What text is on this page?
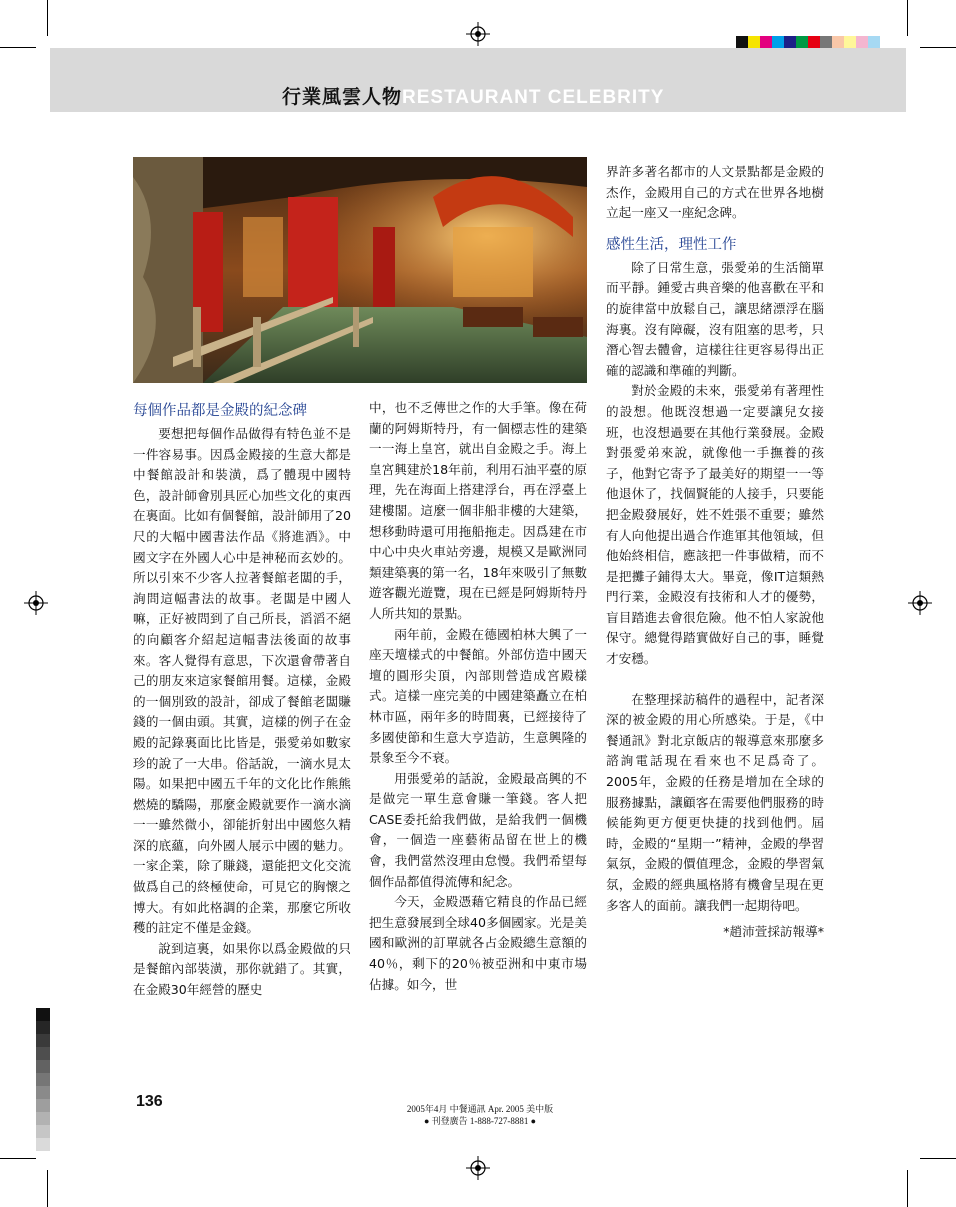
行業風雲人物RESTAURANT CELEBRITY
每個作品都是金殿的紀念碑

要想把每個作品做得有特色並不是一件容易事。因爲金殿接的生意大都是中餐館設計和裝潢，爲了體現中國特色，設計師會別具匠心加些文化的東西在裏面。比如有個餐館，設計師用了20尺的大幅中國書法作品《將進酒》。中國文字在外國人心中是神秘而玄妙的。所以引來不少客人拉著餐館老闆的手，詢問這幅書法的故事。老闆是中國人嘛，正好被問到了自己所長，滔滔不絕的向顧客介紹起這幅書法後面的故事來。客人覺得有意思，下次還會帶著自己的朋友來這家餐館用餐。這樣，金殿的一個別致的設計，卻成了餐館老闆賺錢的一個由頭。其實，這樣的例子在金殿的記錄裏面比比皆是，張愛弟如數家珍的說了一大串。俗話說，一滴水見太陽。如果把中國五千年的文化比作熊熊燃燒的驕陽，那麼金殿就要作一滴水滴一一雖然微小，卻能折射出中國悠久精深的底蘊，向外國人展示中國的魅力。一家企業，除了賺錢，還能把文化交流做爲自己的終極使命，可見它的胸懷之博大。有如此格調的企業，那麼它所收穫的註定不僅是金錢。

說到這裏，如果你以爲金殿做的只是餐館內部裝潢，那你就錯了。其實，在金殿30年經營的歷史

中，也不乏傳世之作的大手筆。像在荷蘭的阿姆斯特丹，有一個標志性的建築一一海上皇宮，就出自金殿之手。海上皇宮興建於18年前，利用石油平臺的原理，先在海面上搭建浮台，再在浮臺上建樓閣。這麼一個非船非樓的大建築，想移動時還可用拖船拖走。因爲建在市中心中央火車站旁邊，規模又是歐洲同類建築裏的第一名，18年來吸引了無數遊客觀光遊覽，現在已經是阿姆斯特丹人所共知的景點。

兩年前，金殿在德國柏林大興了一座天壇樣式的中餐館。外部仿造中國天壇的圓形尖頂，內部則營造成宮殿樣式。這樣一座完美的中國建築矗立在柏林市區，兩年多的時間裏，已經接待了多國使節和生意大亨造訪，生意興隆的景象至今不衰。

用張愛弟的話說，金殿最高興的不是做完一單生意會賺一筆錢。客人把CASE委托給我們做，是給我們一個機會，一個造一座藝術品留在世上的機會，我們當然沒理由怠慢。我們希望每個作品都值得流傳和紀念。

今天，金殿憑藉它精良的作品已經把生意發展到全球40多個國家。光是美國和歐洲的訂單就各占金殿總生意額的40％，剩下的20％被亞洲和中東市場佔據。如今，世

界許多著名都市的人文景點都是金殿的杰作，金殿用自己的方式在世界各地樹立起一座又一座紀念碑。

感性生活，理性工作

除了日常生意，張愛弟的生活簡單而平靜。鍾愛古典音樂的他喜歡在平和的旋律當中放鬆自己，讓思緒漂浮在腦海裏。沒有障礙，沒有阻塞的思考，只潛心智去體會，這樣往往更容易得出正確的認識和準確的判斷。

對於金殿的未來，張愛弟有著理性的設想。他既沒想過一定要讓兒女接班，也沒想過要在其他行業發展。金殿對張愛弟來說，就像他一手撫養的孩子，他對它寄予了最美好的期望一一等他退休了，找個賢能的人接手，只要能把金殿發展好，姓不姓張不重要；雖然有人向他提出過合作進軍其他領域，但他始終相信，應該把一件事做精，而不是把攤子鋪得太大。畢竟，像IT這類熱門行業，金殿沒有技術和人才的優勢，盲目踏進去會很危險。他不怕人家說他保守。總覺得踏實做好自己的事，睡覺才安穩。

在整理採訪稿件的過程中，記者深深的被金殿的用心所感染。于是，《中餐通訊》對北京飯店的報導意來那麼多諮詢電話現在看來也不足爲奇了。2005年，金殿的任務是增加在全球的服務據點，讓顧客在需要他們服務的時候能夠更方便更快捷的找到他們。屆時，金殿的“星期一”精神，金殿的學習氣氛，金殿的價值理念，金殿的學習氣氛，金殿的經典風格將有機會呈現在更多客人的面前。讓我們一起期待吧。

*趙沛萱採訪報導*

136	2005年4月 中餐通訊 Apr. 2005 美中版
● 刊登廣告 1-888-727-8881 ●
